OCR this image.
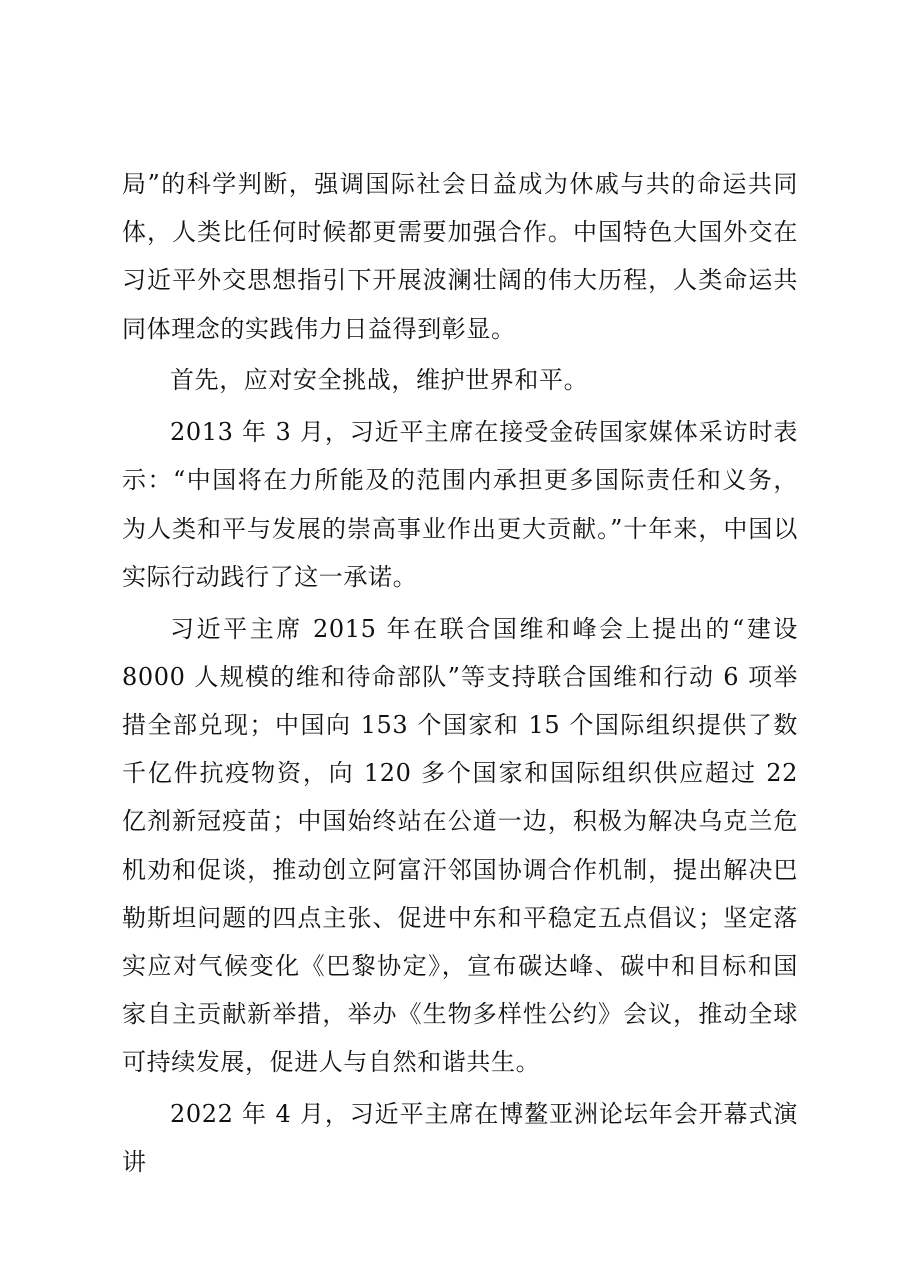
局”的科学判断，强调国际社会日益成为休戚与共的命运共同体，人类比任何时候都更需要加强合作。中国特色大国外交在习近平外交思想指引下开展波澜壮阔的伟大历程，人类命运共同体理念的实践伟力日益得到彰显。

首先，应对安全挑战，维护世界和平。

2013 年 3 月，习近平主席在接受金砖国家媒体采访时表示：“中国将在力所能及的范围内承担更多国际责任和义务，为人类和平与发展的崇高事业作出更大贡献。”十年来，中国以实际行动践行了这一承诺。

习近平主席 2015 年在联合国维和峰会上提出的“建设 8000 人规模的维和待命部队”等支持联合国维和行动 6 项举措全部兑现；中国向 153 个国家和 15 个国际组织提供了数千亿件抗疫物资，向 120 多个国家和国际组织供应超过 22 亿剂新冠疫苗；中国始终站在公道一边，积极为解决乌克兰危机劝和促谈，推动创立阿富汗邻国协调合作机制，提出解决巴勒斯坦问题的四点主张、促进中东和平稳定五点倡议；坚定落实应对气候变化《巴黎协定》，宣布碳达峰、碳中和目标和国家自主贡献新举措，举办《生物多样性公约》会议，推动全球可持续发展，促进人与自然和谐共生。

2022 年 4 月，习近平主席在博鳌亚洲论坛年会开幕式演讲
